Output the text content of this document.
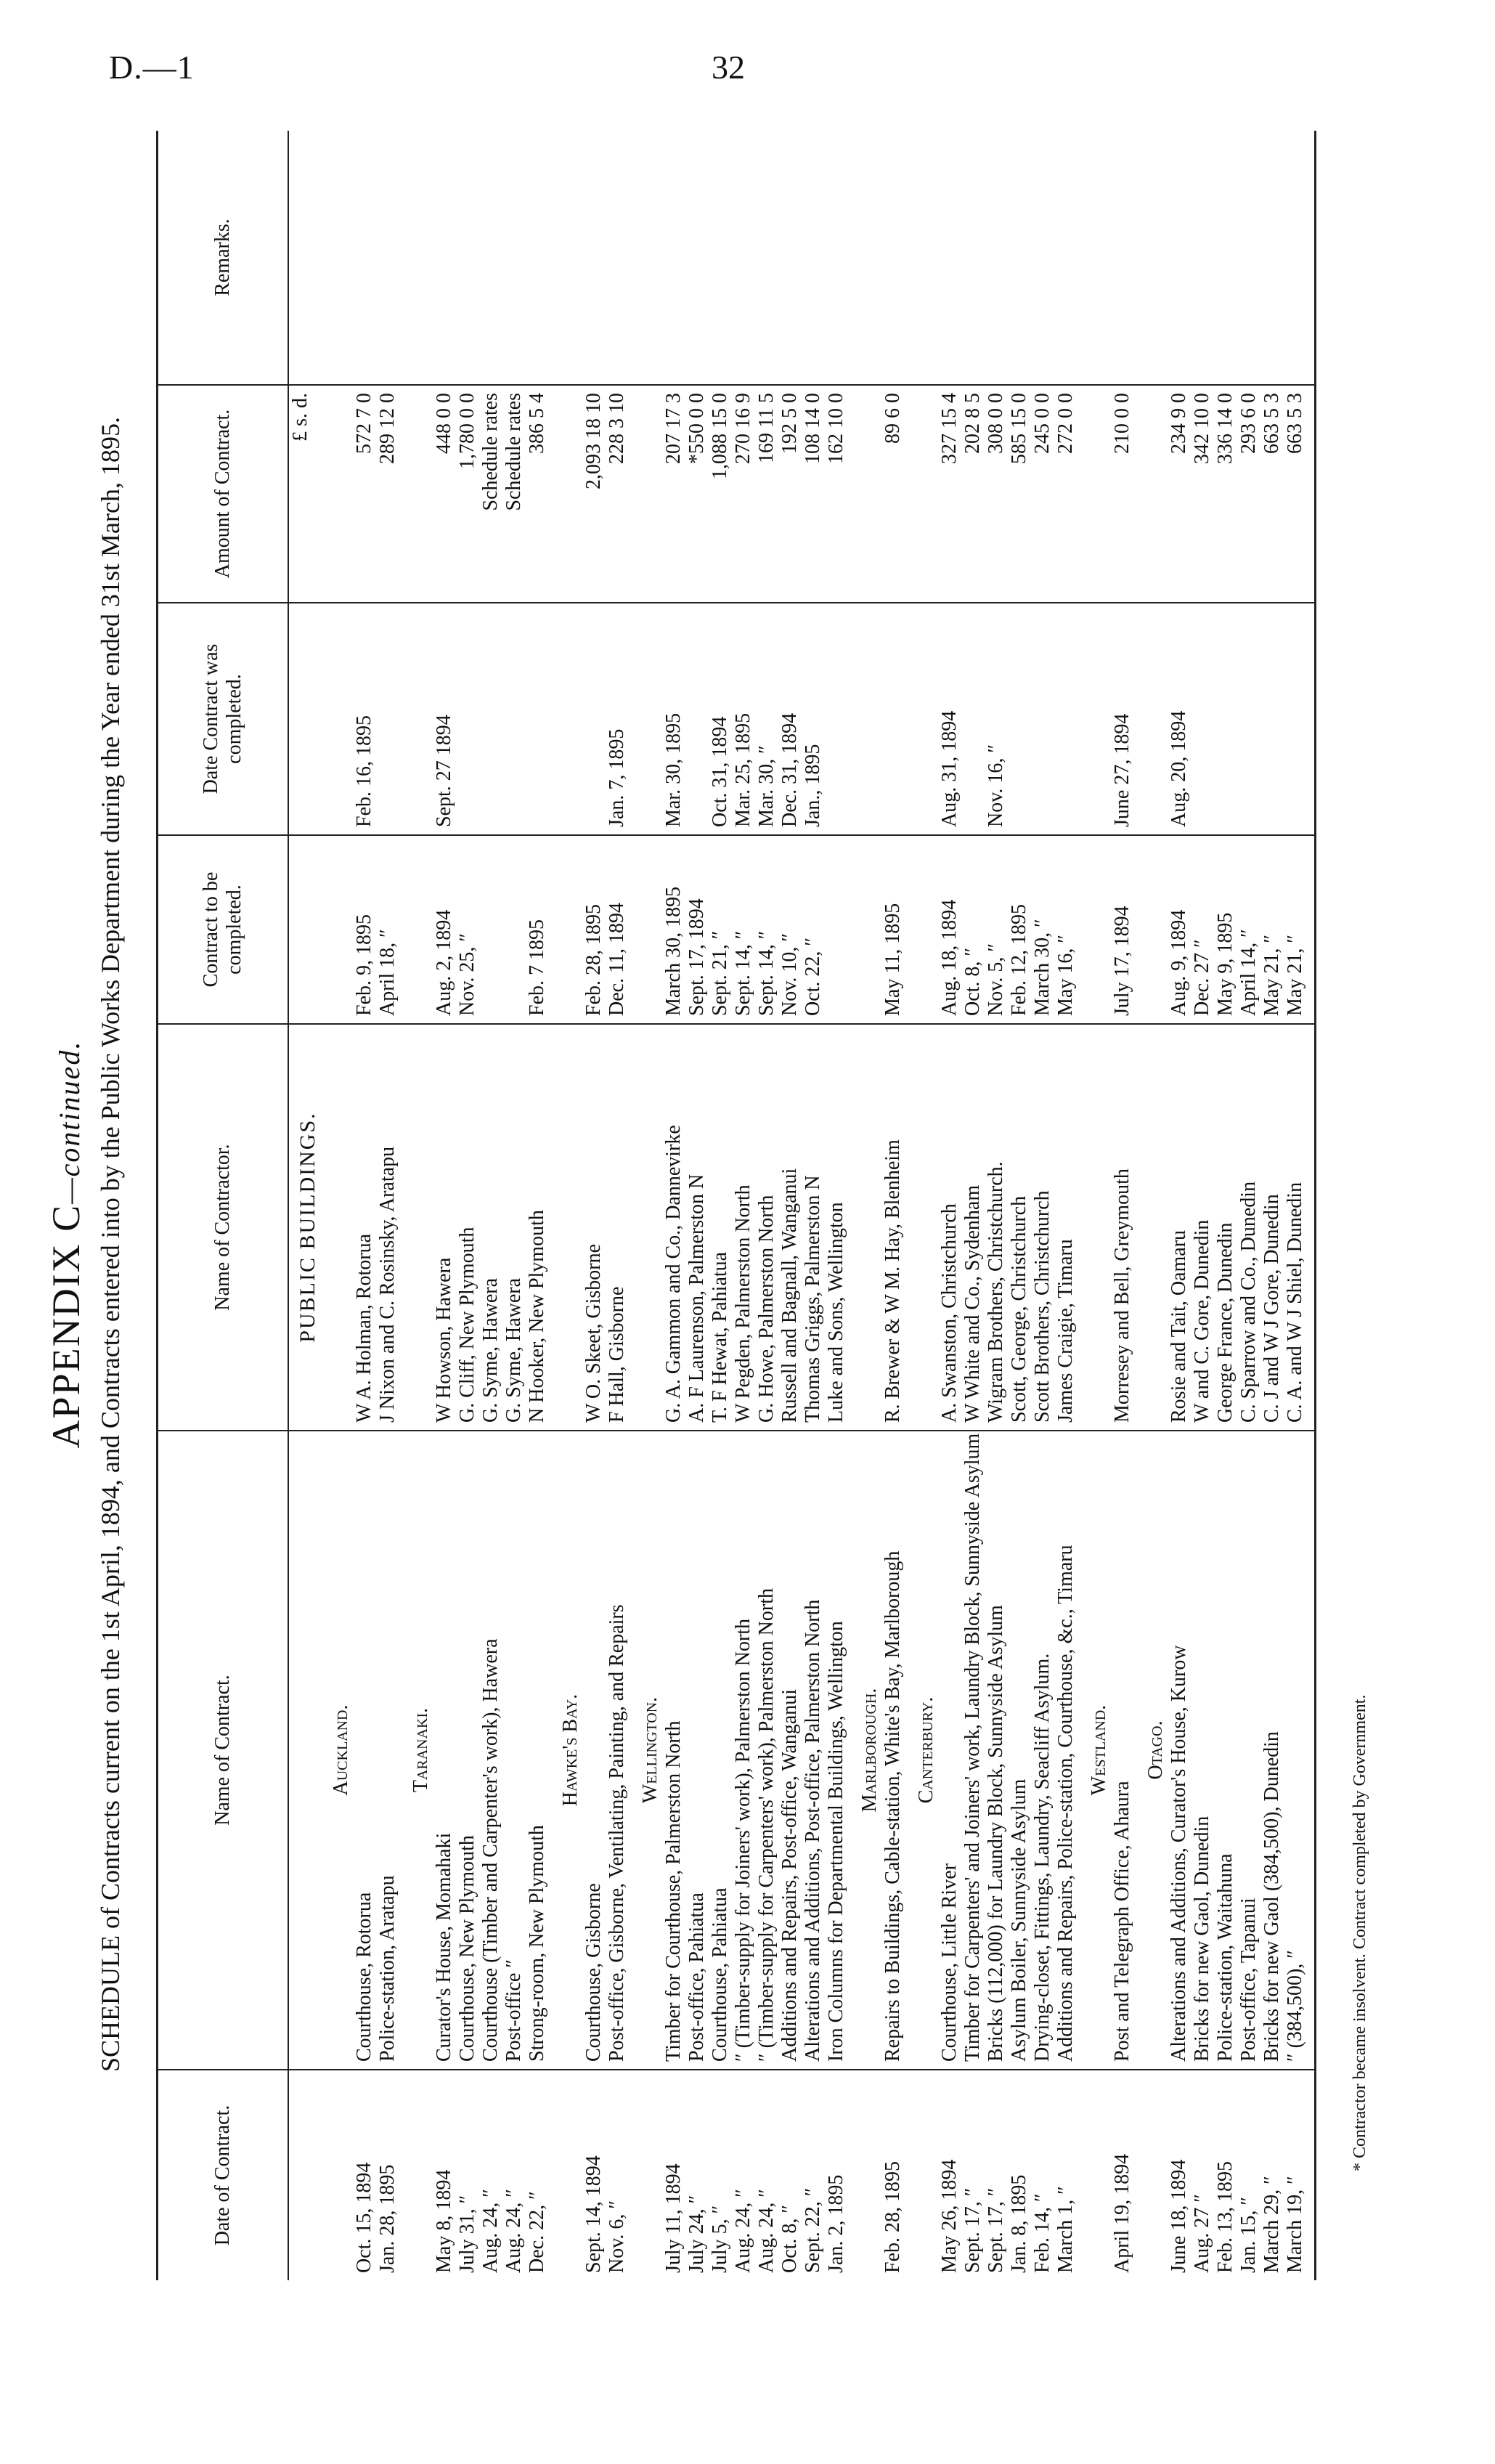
D.—1	32
APPENDIX C—continued. SCHEDULE of Contracts current on the 1st April, 1894, and Contracts entered into by the Public Works Department during the Year ended 31st March, 1895.
Date of Contract.	Name of Contract.	Name of Contractor.	Contract to be completed.	Date Contract was completed.	Amount of Contract.	Remarks.
		PUBLIC BUILDINGS.			£ s. d.	
	Auckland.					
Oct. 15, 1894	Courthouse, Rotorua	W A. Holman, Rotorua	Feb. 9, 1895	Feb. 16, 1895	572 7 0	
Jan. 28, 1895	Police-station, Aratapu	J Nixon and C. Rosinsky, Aratapu	April 18, ″		289 12 0	
	Taranaki.					
May 8, 1894	Curator's House, Momahaki	W Howson, Hawera	Aug. 2, 1894	Sept. 27 1894	448 0 0	
July 31, ″	Courthouse, New Plymouth	G. Cliff, New Plymouth	Nov. 25, ″		1,780 0 0	
Aug. 24, ″	Courthouse (Timber and Carpenter's work), Hawera	G. Syme, Hawera			Schedule rates	
Aug. 24, ″	Post-office ″	G. Syme, Hawera			Schedule rates	
Dec. 22, ″	Strong-room, New Plymouth	N Hooker, New Plymouth	Feb. 7 1895		386 5 4	
	Hawke's Bay.					
Sept. 14, 1894	Courthouse, Gisborne	W O. Skeet, Gisborne	Feb. 28, 1895		2,093 18 10	
Nov. 6, ″	Post-office, Gisborne, Ventilating, Painting, and Repairs	F Hall, Gisborne	Dec. 11, 1894	Jan. 7, 1895	228 3 10	
	Wellington.					
July 11, 1894	Timber for Courthouse, Palmerston North	G. A. Gammon and Co., Dannevirke	March 30, 1895	Mar. 30, 1895	207 17 3	
July 24, ″	Post-office, Pahiatua	A. F Laurenson, Palmerston N	Sept. 17, 1894		*550 0 0	
July 5, ″	Courthouse, Pahiatua	T. F Hewat, Pahiatua	Sept. 21, ″	Oct. 31, 1894	1,088 15 0	
Aug. 24, ″	″ (Timber-supply for Joiners' work), Palmerston North	W Pegden, Palmerston North	Sept. 14, ″	Mar. 25, 1895	270 16 9	
Aug. 24, ″	″ (Timber-supply for Carpenters' work), Palmerston North	G. Howe, Palmerston North	Sept. 14, ″	Mar. 30, ″	169 11 5	
Oct. 8, ″	Additions and Repairs, Post-office, Wanganui	Russell and Bagnall, Wanganui	Nov. 10, ″	Dec. 31, 1894	192 5 0	
Sept. 22, ″	Alterations and Additions, Post-office, Palmerston North	Thomas Griggs, Palmerston N	Oct. 22, ″	Jan., 1895	108 14 0	
Jan. 2, 1895	Iron Columns for Departmental Buildings, Wellington	Luke and Sons, Wellington			162 10 0	
	Marlborough.					
Feb. 28, 1895	Repairs to Buildings, Cable-station, White's Bay, Marlborough	R. Brewer & W M. Hay, Blenheim	May 11, 1895		89 6 0	
	Canterbury.					
May 26, 1894	Courthouse, Little River	A. Swanston, Christchurch	Aug. 18, 1894	Aug. 31, 1894	327 15 4	
Sept. 17, ″	Timber for Carpenters' and Joiners' work, Laundry Block, Sunnyside Asylum	W White and Co., Sydenham	Oct. 8, ″		202 8 5	
Sept. 17, ″	Bricks (112,000) for Laundry Block, Sunnyside Asylum	Wigram Brothers, Christchurch.	Nov. 5, ″	Nov. 16, ″	308 0 0	
Jan. 8, 1895	Asylum Boiler, Sunnyside Asylum	Scott, George, Christchurch	Feb. 12, 1895		585 15 0	
Feb. 14, ″	Drying-closet, Fittings, Laundry, Seacliff Asylum.	Scott Brothers, Christchurch	March 30, ″		245 0 0	
March 1, ″	Additions and Repairs, Police-station, Courthouse, &c., Timaru	James Craigie, Timaru	May 16, ″		272 0 0	
	Westland.					
April 19, 1894	Post and Telegraph Office, Ahaura	Morresey and Bell, Greymouth	July 17, 1894	June 27, 1894	210 0 0	
	Otago.					
June 18, 1894	Alterations and Additions, Curator's House, Kurow	Rosie and Tait, Oamaru	Aug. 9, 1894	Aug. 20, 1894	234 9 0	
Aug. 27 ″	Bricks for new Gaol, Dunedin	W and C. Gore, Dunedin	Dec. 27 ″		342 10 0	
Feb. 13, 1895	Police-station, Waitahuna	George France, Dunedin	May 9, 1895		336 14 0	
Jan. 15, ″	Post-office, Tapanui	C. Sparrow and Co., Dunedin	April 14, ″		293 6 0	
March 29, ″	Bricks for new Gaol (384,500), Dunedin	C. J and W J Gore, Dunedin	May 21, ″		663 5 3	
March 19, ″	″ (384,500), ″	C. A. and W J Shiel, Dunedin	May 21, ″		663 5 3	

* Contractor became insolvent. Contract completed by Government.
